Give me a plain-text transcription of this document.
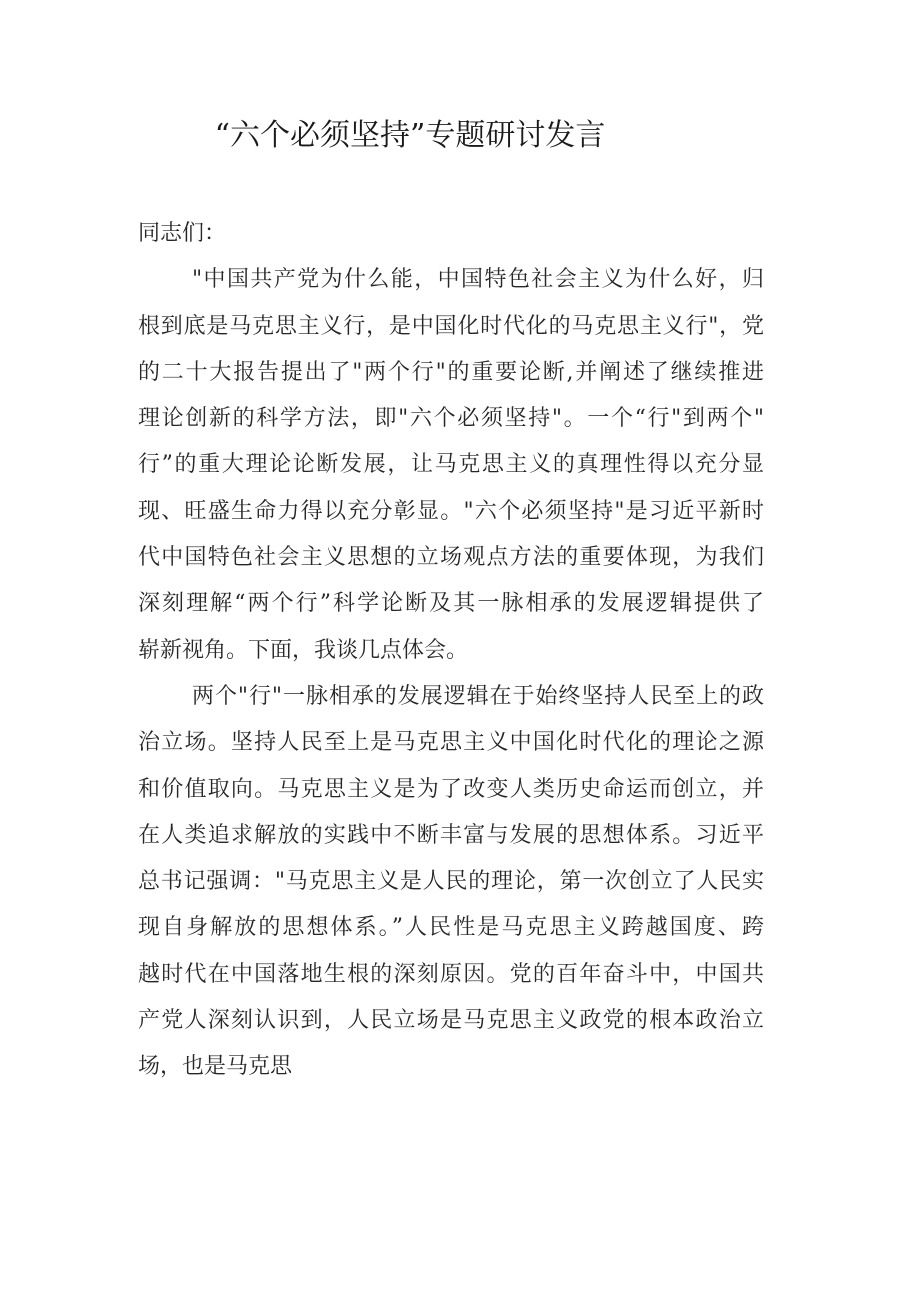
“六个必须坚持”专题研讨发言
同志们：
"中国共产党为什么能，中国特色社会主义为什么好，归
根到底是马克思主义行，是中国化时代化的马克思主义行"，党
的二十大报告提出了"两个行"的重要论断,并阐述了继续推进
理论创新的科学方法，即"六个必须坚持"。一个“行"到两个"
行”的重大理论论断发展，让马克思主义的真理性得以充分显
现、旺盛生命力得以充分彰显。"六个必须坚持"是习近平新时
代中国特色社会主义思想的立场观点方法的重要体现，为我们
深刻理解“两个行”科学论断及其一脉相承的发展逻辑提供了
崭新视角。下面，我谈几点体会。
两个"行"一脉相承的发展逻辑在于始终坚持人民至上的政
治立场。坚持人民至上是马克思主义中国化时代化的理论之源
和价值取向。马克思主义是为了改变人类历史命运而创立，并
在人类追求解放的实践中不断丰富与发展的思想体系。习近平
总书记强调："马克思主义是人民的理论，第一次创立了人民实
现自身解放的思想体系。”人民性是马克思主义跨越国度、跨
越时代在中国落地生根的深刻原因。党的百年奋斗中，中国共
产党人深刻认识到，人民立场是马克思主义政党的根本政治立
场，也是马克思
